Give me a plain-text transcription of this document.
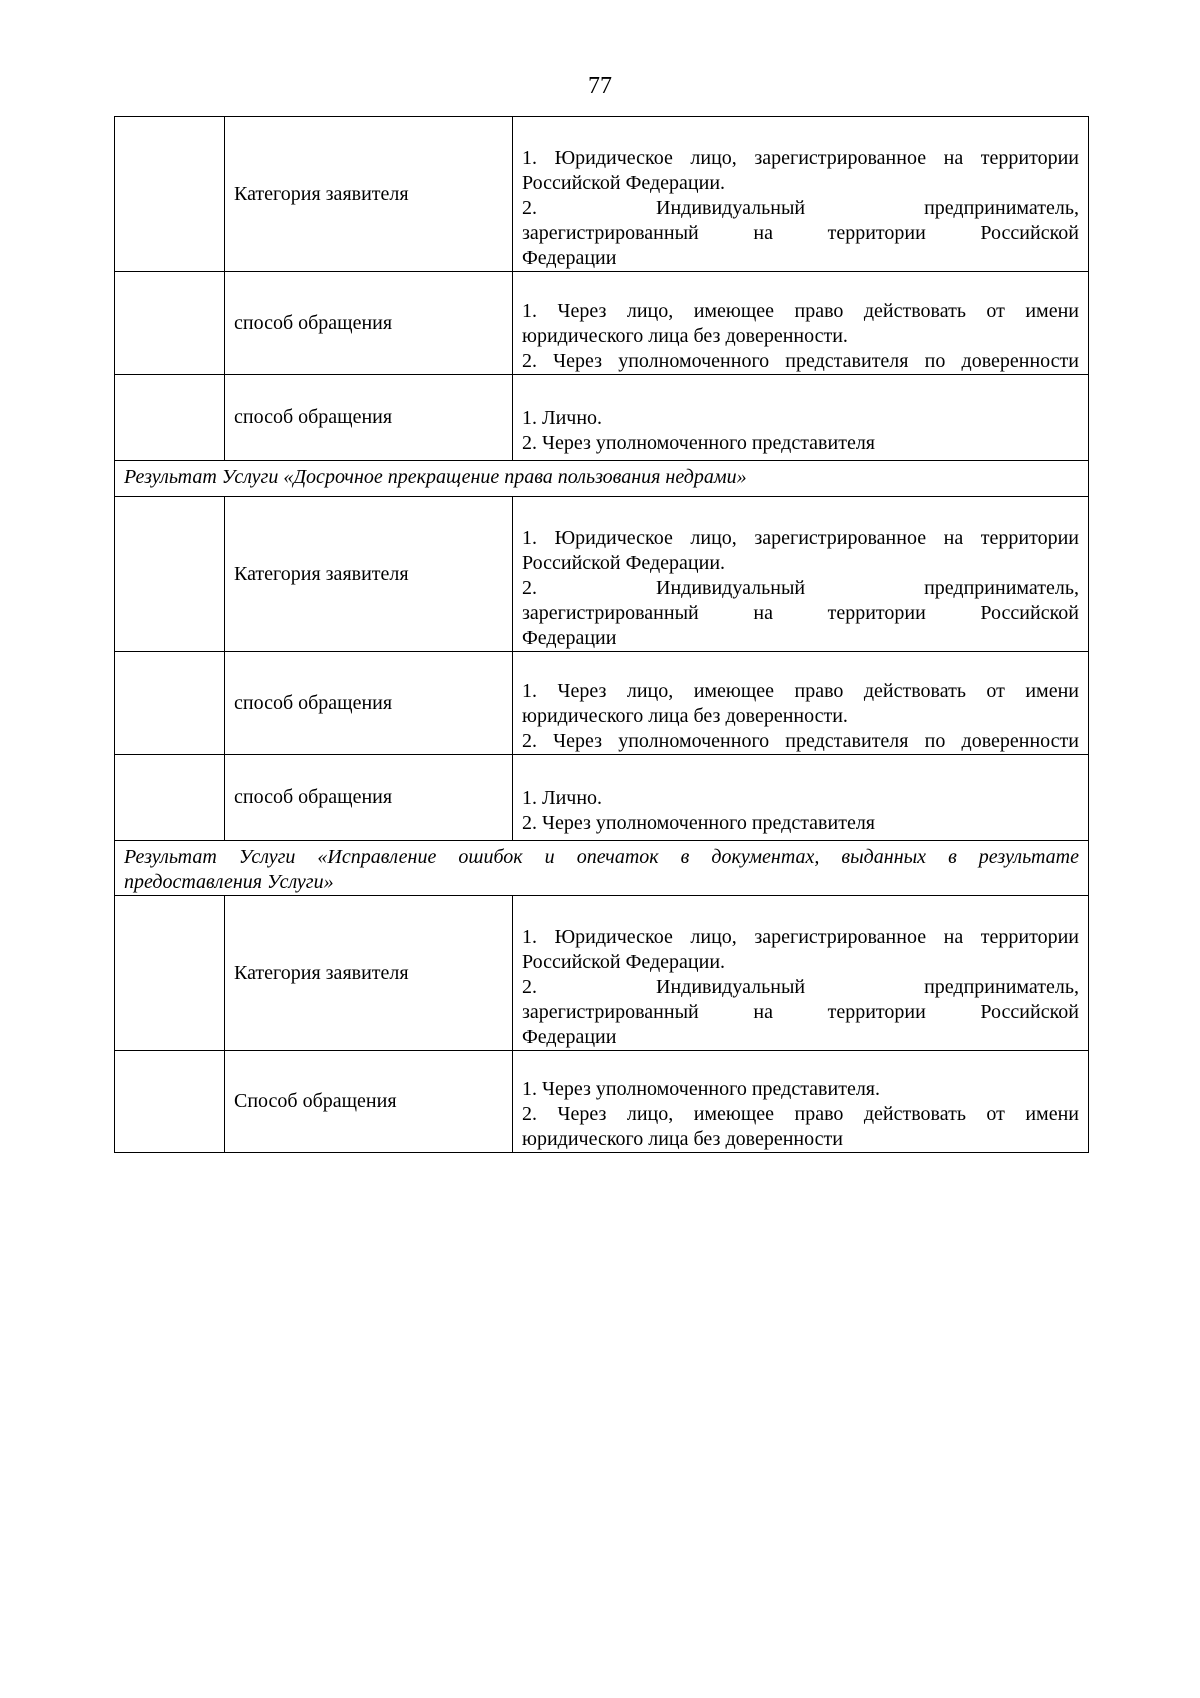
77
	Категория заявителя	1. Юридическое лицо, зарегистрированное на территории
Российской Федерации.
2. Индивидуальный предприниматель,
зарегистрированный на территории Российской
Федерации

	способ обращения	1. Через лицо, имеющее право действовать от имени
юридического лица без доверенности.
2. Через уполномоченного представителя по доверенности

	способ обращения	1. Лично.
2. Через уполномоченного представителя

Результат Услуги «Досрочное прекращение права пользования недрами»		

	Категория заявителя	1. Юридическое лицо, зарегистрированное на территории
Российской Федерации.
2. Индивидуальный предприниматель,
зарегистрированный на территории Российской
Федерации

	способ обращения	1. Через лицо, имеющее право действовать от имени
юридического лица без доверенности.
2. Через уполномоченного представителя по доверенности

	способ обращения	1. Лично.
2. Через уполномоченного представителя

Результат Услуги «Исправление ошибок и опечаток в документах, выданных в результате
предоставления Услуги»		

	Категория заявителя	1. Юридическое лицо, зарегистрированное на территории
Российской Федерации.
2. Индивидуальный предприниматель,
зарегистрированный на территории Российской
Федерации

	Способ обращения	1. Через уполномоченного представителя.
2. Через лицо, имеющее право действовать от имени
юридического лица без доверенности
